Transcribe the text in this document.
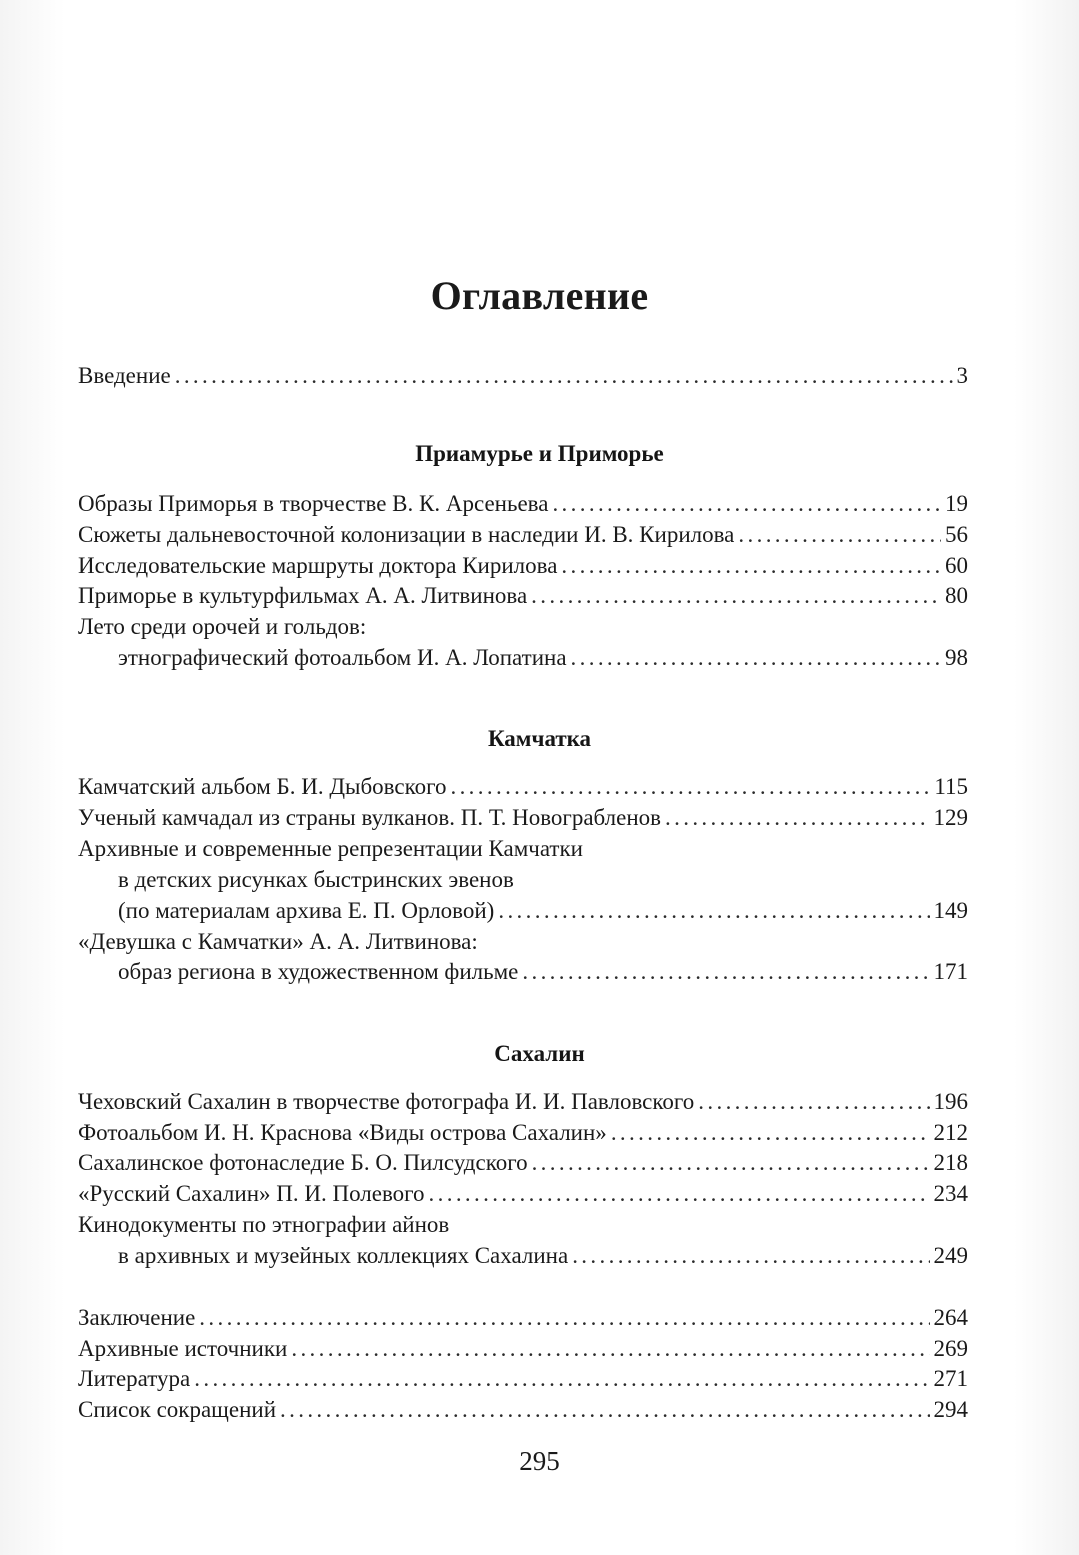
Оглавление
Введение . . .	3
Приамурье и Приморье
Образы Приморья в творчестве В. К. Арсеньева . . .	19
Сюжеты дальневосточной колонизации в наследии И. В. Кирилова . . .	56
Исследовательские маршруты доктора Кирилова . . .	60
Приморье в культурфильмах А. А. Литвинова . . .	80
Лето среди орочей и гольдов:
этнографический фотоальбом И. А. Лопатина . . .	98
Камчатка
Камчатский альбом Б. И. Дыбовского . . .	115
Ученый камчадал из страны вулканов. П. Т. Новограбленов . . .	129
Архивные и современные репрезентации Камчатки
в детских рисунках быстринских эвенов
(по материалам архива Е. П. Орловой) . . .	149
«Девушка с Камчатки» А. А. Литвинова:
образ региона в художественном фильме . . .	171
Сахалин
Чеховский Сахалин в творчестве фотографа И. И. Павловского . . .	196
Фотоальбом И. Н. Краснова «Виды острова Сахалин» . . .	212
Сахалинское фотонаследие Б. О. Пилсудского . . .	218
«Русский Сахалин» П. И. Полевого . . .	234
Кинодокументы по этнографии айнов
в архивных и музейных коллекциях Сахалина . . .	249
Заключение . . .	264
Архивные источники . . .	269
Литература . . .	271
Список сокращений . . .	294
295
